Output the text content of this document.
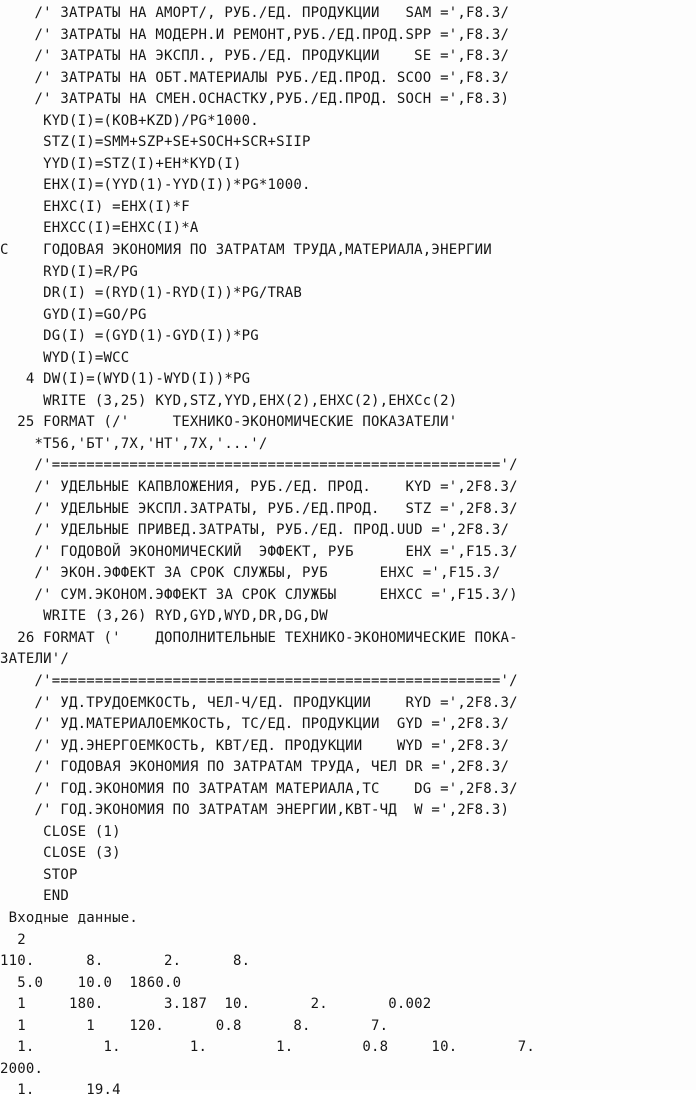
/' ЗАТРАТЫ НА АМОРТ/, РУБ./ЕД. ПРОДУКЦИИ   SAM =',F8.3/
/' ЗАТРАТЫ НА МОДЕРН.И РЕМОНТ,РУБ./ЕД.ПРОД.SPP =',F8.3/
/' ЗАТРАТЫ НА ЭКСПЛ., РУБ./ЕД. ПРОДУКЦИИ    SE =',F8.3/
/' ЗАТРАТЫ НА ОБТ.МАТЕРИАЛЫ РУБ./ЕД.ПРОД. SCOO =',F8.3/
/' ЗАТРАТЫ НА СМЕН.ОСНАСТКУ,РУБ./ЕД.ПРОД. SOCH =',F8.3)
KYD(I)=(KOB+KZD)/PG*1000.
STZ(I)=SMM+SZP+SE+SOCH+SCR+SIIP
YYD(I)=STZ(I)+EH*KYD(I)
EHX(I)=(YYD(1)-YYD(I))*PG*1000.
EHXC(I) =EHX(I)*F
EHXCC(I)=EHXC(I)*A
C    ГОДОВАЯ ЭКОНОМИЯ ПО ЗАТРАТАМ ТРУДА,МАТЕРИАЛА,ЭНЕРГИИ
RYD(I)=R/PG
DR(I) =(RYD(1)-RYD(I))*PG/TRAB
GYD(I)=GO/PG
DG(I) =(GYD(1)-GYD(I))*PG
WYD(I)=WCC
4 DW(I)=(WYD(1)-WYD(I))*PG
WRITE (3,25) KYD,STZ,YYD,EHX(2),EHXC(2),EHXCc(2)
25 FORMAT (/'     ТЕХНИКО-ЭКОНОМИЧЕСКИЕ ПОКАЗАТЕЛИ'
*T56,'БТ',7X,'HT',7X,'...'/
/'===================================================='/
/' УДЕЛЬНЫЕ КАПВЛОЖЕНИЯ, РУБ./ЕД. ПРОД.    KYD =',2F8.3/
/' УДЕЛЬНЫЕ ЭКСПЛ.ЗАТРАТЫ, РУБ./ЕД.ПРОД.   STZ =',2F8.3/
/' УДЕЛЬНЫЕ ПРИВЕД.ЗАТРАТЫ, РУБ./ЕД. ПРОД.UUD =',2F8.3/
/' ГОДОВОЙ ЭКОНОМИЧЕСКИЙ  ЭФФЕКТ, РУБ      EHX =',F15.3/
/' ЭКОН.ЭФФЕКТ ЗА СРОК СЛУЖБЫ, РУБ      EHXC =',F15.3/
/' СУМ.ЭКОНОМ.ЭФФЕКТ ЗА СРОК СЛУЖБЫ     EHXCC =',F15.3/)
WRITE (3,26) RYD,GYD,WYD,DR,DG,DW
26 FORMAT ('    ДОПОЛНИТЕЛЬНЫЕ ТЕХНИКО-ЭКОНОМИЧЕСКИЕ ПОКА-
ЗАТЕЛИ'/
/'===================================================='/
/' УД.ТРУДОЕМКОСТЬ, ЧЕЛ-Ч/ЕД. ПРОДУКЦИИ    RYD =',2F8.3/
/' УД.МАТЕРИАЛОЕМКОСТЬ, ТС/ЕД. ПРОДУКЦИИ  GYD =',2F8.3/
/' УД.ЭНЕРГОЕМКОСТЬ, КВТ/ЕД. ПРОДУКЦИИ    WYD =',2F8.3/
/' ГОДОВАЯ ЭКОНОМИЯ ПО ЗАТРАТАМ ТРУДА, ЧЕЛ DR =',2F8.3/
/' ГОД.ЭКОНОМИЯ ПО ЗАТРАТАМ МАТЕРИАЛА,ТС    DG =',2F8.3/
/' ГОД.ЭКОНОМИЯ ПО ЗАТРАТАМ ЭНЕРГИИ,КВТ-ЧД  W =',2F8.3)
CLOSE (1)
CLOSE (3)
STOP
END
Входные данные.
2
110.      8.       2.      8.
5.0    10.0  1860.0
1     180.       3.187  10.       2.       0.002
1       1    120.      0.8      8.       7.
1.        1.        1.        1.        0.8     10.       7.
2000.
1.      19.4
